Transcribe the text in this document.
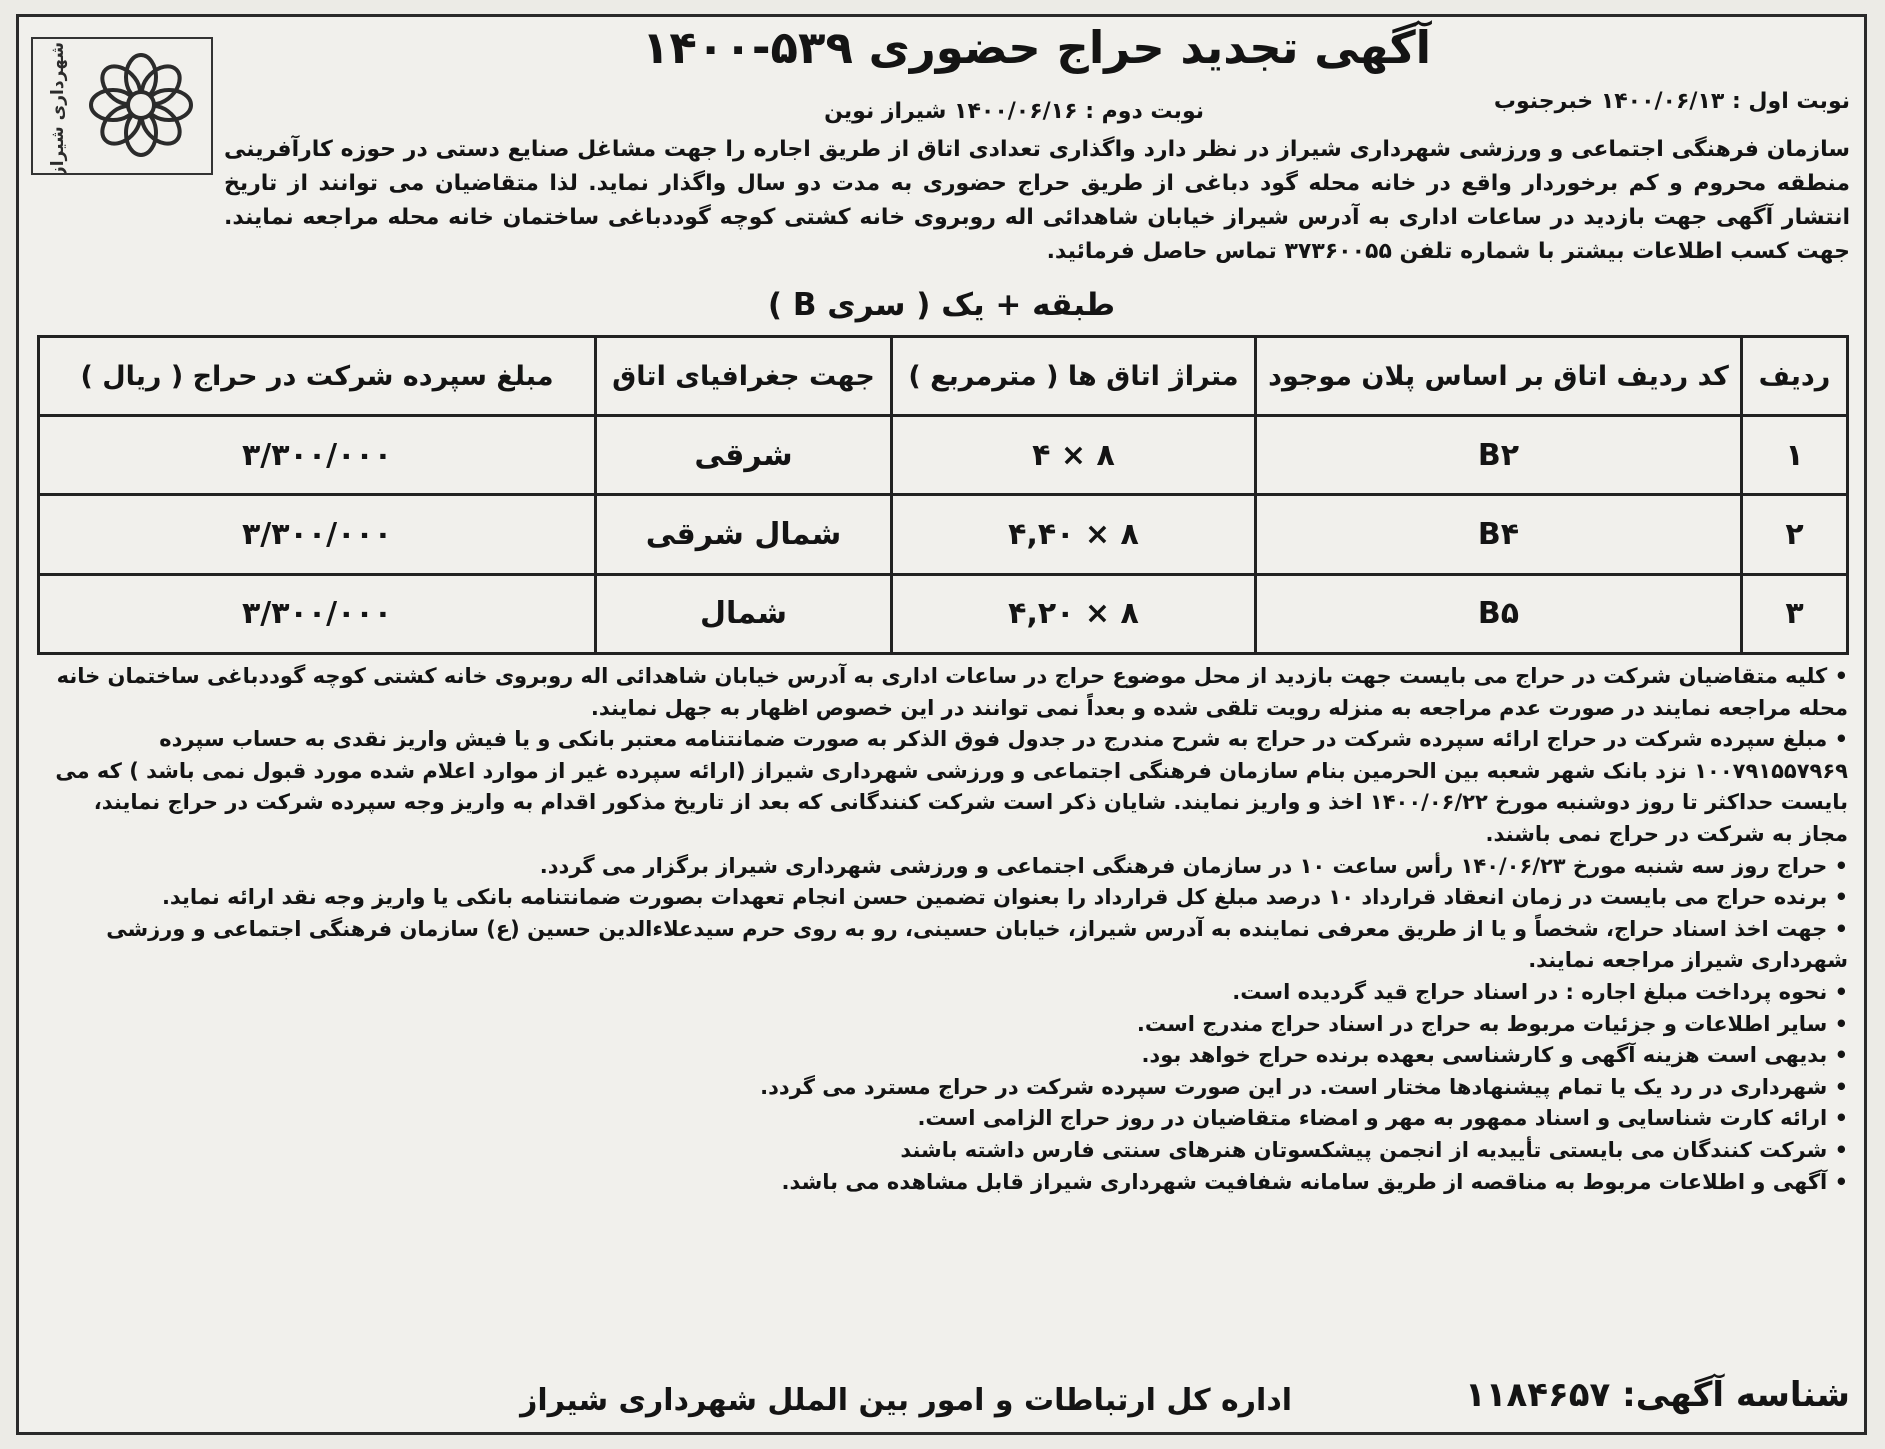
شهرداری شیراز	آگهی تجدید حراج حضوری ۵۳۹-۱۴۰۰
نوبت اول : ۱۴۰۰/۰۶/۱۳ خبرجنوب
نوبت دوم : ۱۴۰۰/۰۶/۱۶ شیراز نوین
سازمان فرهنگی اجتماعی و ورزشی شهرداری شیراز در نظر دارد واگذاری تعدادی اتاق از طریق اجاره را جهت مشاغل صنایع دستی در حوزه کارآفرینی منطقه محروم و کم برخوردار واقع در خانه محله گود دباغی از طریق حراج حضوری به مدت دو سال واگذار نماید. لذا متقاضیان می توانند از تاریخ انتشار آگهی جهت بازدید در ساعات اداری به آدرس شیراز خیابان شاهدائی اله روبروی خانه کشتی کوچه گوددباغی ساختمان خانه محله مراجعه نمایند. جهت کسب اطلاعات بیشتر با شماره تلفن ۳۷۳۶۰۰۵۵ تماس حاصل فرمائید.
طبقه + یک ( سری B )
ردیف	کد ردیف اتاق بر اساس پلان موجود	متراژ اتاق ها ( مترمربع )	جهت جغرافیای اتاق	مبلغ سپرده شرکت در حراج ( ریال )
۱	B۲	۸ × ۴	شرقی	۳/۳۰۰/۰۰۰
۲	B۴	۸ × ۴,۴۰	شمال شرقی	۳/۳۰۰/۰۰۰
۳	B۵	۸ × ۴,۲۰	شمال	۳/۳۰۰/۰۰۰

• کلیه متقاضیان شرکت در حراج می بایست جهت بازدید از محل موضوع حراج در ساعات اداری به آدرس خیابان شاهدائی اله روبروی خانه کشتی کوچه گوددباغی ساختمان خانه محله مراجعه نمایند در صورت عدم مراجعه به منزله رویت تلقی شده و بعداً نمی توانند در این خصوص اظهار به جهل نمایند.

• مبلغ سپرده شرکت در حراج ارائه سپرده شرکت در حراج به شرح مندرج در جدول فوق الذکر به صورت ضمانتنامه معتبر بانکی و یا فیش واریز نقدی به حساب سپرده ۱۰۰۷۹۱۵۵۷۹۶۹ نزد بانک شهر شعبه بین الحرمین بنام سازمان فرهنگی اجتماعی و ورزشی شهرداری شیراز (ارائه سپرده غیر از موارد اعلام شده مورد قبول نمی باشد ) که می بایست حداکثر تا روز دوشنبه مورخ ۱۴۰۰/۰۶/۲۲ اخذ و واریز نمایند. شایان ذکر است شرکت کنندگانی که بعد از تاریخ مذکور اقدام به واریز وجه سپرده شرکت در حراج نمایند، مجاز به شرکت در حراج نمی باشند.

• حراج روز سه شنبه مورخ ۱۴۰/۰۶/۲۳ رأس ساعت ۱۰ در سازمان فرهنگی اجتماعی و ورزشی شهرداری شیراز برگزار می گردد.

• برنده حراج می بایست در زمان انعقاد قرارداد ۱۰ درصد مبلغ کل قرارداد را بعنوان تضمین حسن انجام تعهدات بصورت ضمانتنامه بانکی یا واریز وجه نقد ارائه نماید.

• جهت اخذ اسناد حراج، شخصاً و یا از طریق معرفی نماینده به آدرس شیراز، خیابان حسینی، رو به روی حرم سیدعلاءالدین حسین (ع) سازمان فرهنگی اجتماعی و ورزشی شهرداری شیراز مراجعه نمایند.

• نحوه پرداخت مبلغ اجاره : در اسناد حراج قید گردیده است.

• سایر اطلاعات و جزئیات مربوط به حراج در اسناد حراج مندرج است.

• بدیهی است هزینه آگهی و کارشناسی بعهده برنده حراج خواهد بود.

• شهرداری در رد یک یا تمام پیشنهادها مختار است. در این صورت سپرده شرکت در حراج مسترد می گردد.

• ارائه کارت شناسایی و اسناد ممهور به مهر و امضاء متقاضیان در روز حراج الزامی است.

• شرکت کنندگان می بایستی تأییدیه از انجمن پیشکسوتان هنرهای سنتی فارس داشته باشند

• آگهی و اطلاعات مربوط به مناقصه از طریق سامانه شفافیت شهرداری شیراز قابل مشاهده می باشد.

شناسه آگهی: ۱۱۸۴۶۵۷
اداره کل ارتباطات و امور بین الملل شهرداری شیراز
